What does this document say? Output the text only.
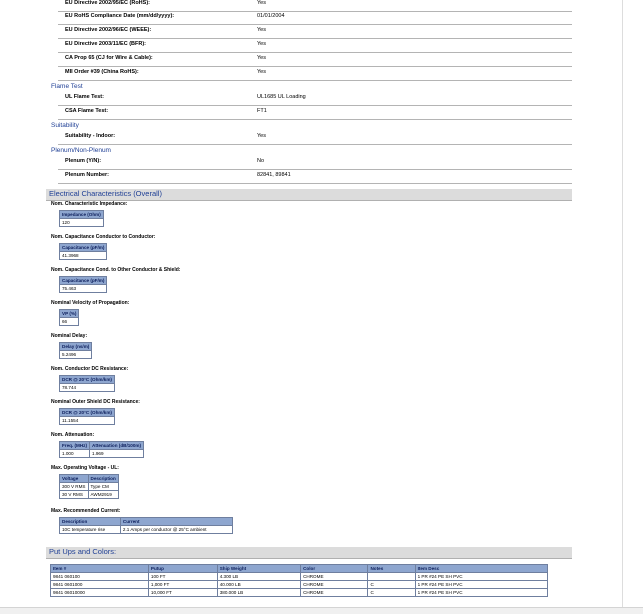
EU Directive 2002/95/EC (RoHS):	Yes
EU RoHS Compliance Date (mm/dd/yyyy):	01/01/2004
EU Directive 2002/96/EC (WEEE):	Yes
EU Directive 2003/11/EC (BFR):	Yes
CA Prop 65 (CJ for Wire & Cable):	Yes
MII Order #39 (China RoHS):	Yes
Flame Test
UL Flame Test:	UL1685 UL Loading
CSA Flame Test:	FT1
Suitability
Suitability - Indoor:	Yes
Plenum/Non-Plenum
Plenum (Y/N):	No
Plenum Number:	82841, 89841
Electrical Characteristics (Overall)
Nom. Characteristic Impedance:
Impedance (Ohm)
120
Nom. Capacitance Conductor to Conductor:
Capacitance (pF/m)
41.3968
Nom. Capacitance Cond. to Other Conductor & Shield:
Capacitance (pF/m)
75.463
Nominal Velocity of Propagation:
VP (%)
66
Nominal Delay:
Delay (ns/m)
5.2496
Nom. Conductor DC Resistance:
DCR @ 20°C (Ohm/km)
78.744
Nominal Outer Shield DC Resistance:
DCR @ 20°C (Ohm/km)
11.1554
Nom. Attenuation:
Freq. (MHz)	Attenuation (dB/100m)
1.000	1.969
Max. Operating Voltage - UL:
Voltage	Description
300 V RMS	Type CM
30 V RMS	AWM2919
Max. Recommended Current:
Description	Current
10C temperature rise	2.1 Amps per conductor @ 25°C ambient
Put Ups and Colors:
Item #	Putup	Ship Weight	Color	Notes	Item Desc
9841 060100	100 FT	4.300 LB	CHROME		1 PR #24 PE SH PVC
9841 0601000	1,000 FT	40.000 LB	CHROME	C	1 PR #24 PE SH PVC
9841 06010000	10,000 FT	380.000 LB	CHROME	C	1 PR #24 PE SH PVC
